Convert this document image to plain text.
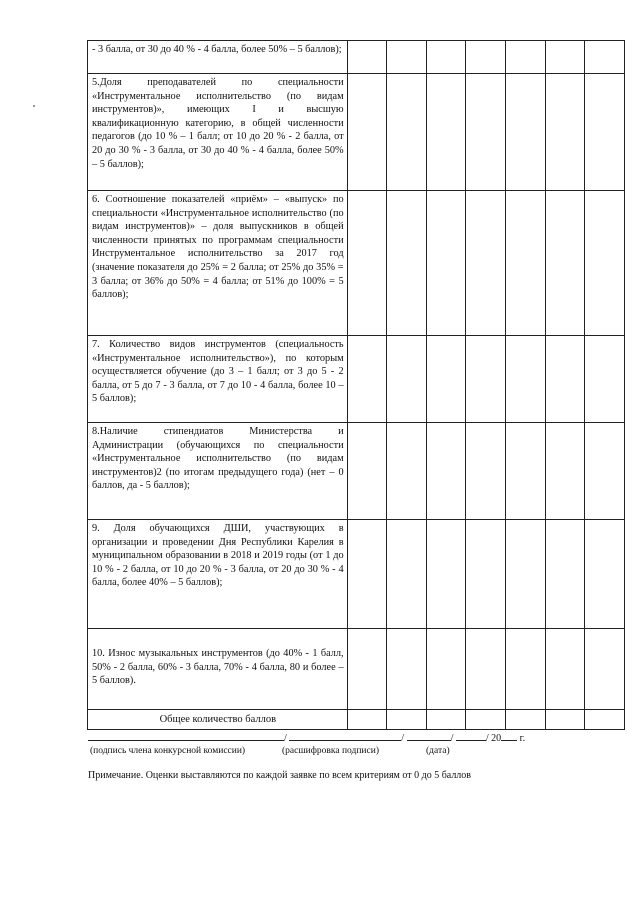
- 3 балла, от 30 до 40 % - 4 балла, более 50% – 5 баллов);							
5.Доля преподавателей по специальности «Инструментальное исполнительство (по видам инструментов)», имеющих I и высшую квалификационную категорию, в общей численности педагогов (до 10 % – 1 балл; от 10 до 20 % - 2 балла, от 20 до 30 % - 3 балла, от 30 до 40 % - 4 балла, более 50% – 5 баллов);							
6. Соотношение показателей «приём» – «выпуск» по специальности «Инструментальное исполнительство (по видам инструментов)» – доля выпускников в общей численности принятых по программам специальности Инструментальное исполнительство за 2017 год (значение показателя до 25% = 2 балла; от 25% до 35% = 3 балла; от 36% до 50% = 4 балла; от 51% до 100% = 5 баллов);							
7. Количество видов инструментов (специальность «Инструментальное исполнительство»), по которым осуществляется обучение (до 3 – 1 балл; от 3 до 5 - 2 балла, от 5 до 7 - 3 балла, от 7 до 10 - 4 балла, более 10 – 5 баллов);							
8.Наличие стипендиатов Министерства и Администрации (обучающихся по специальности «Инструментальное исполнительство (по видам инструментов)2 (по итогам предыдущего года) (нет – 0 баллов, да - 5 баллов);							
9. Доля обучающихся ДШИ, участвующих в организации и проведении Дня Республики Карелия в муниципальном образовании в 2018 и 2019 годы (от 1 до 10 % - 2 балла, от 10 до 20 % - 3 балла, от 20 до 30 % - 4 балла, более 40% – 5 баллов);							
10. Износ музыкальных инструментов (до 40% - 1 балл, 50% - 2 балла, 60% - 3 балла, 70% - 4 балла, 80 и более – 5 баллов).							
Общее количество баллов							
/	/	/	/ 20 г.
(подпись члена конкурсной комиссии)	(расшифровка подписи)	(дата)
Примечание. Оценки выставляются по каждой заявке по всем критериям от 0 до 5 баллов
